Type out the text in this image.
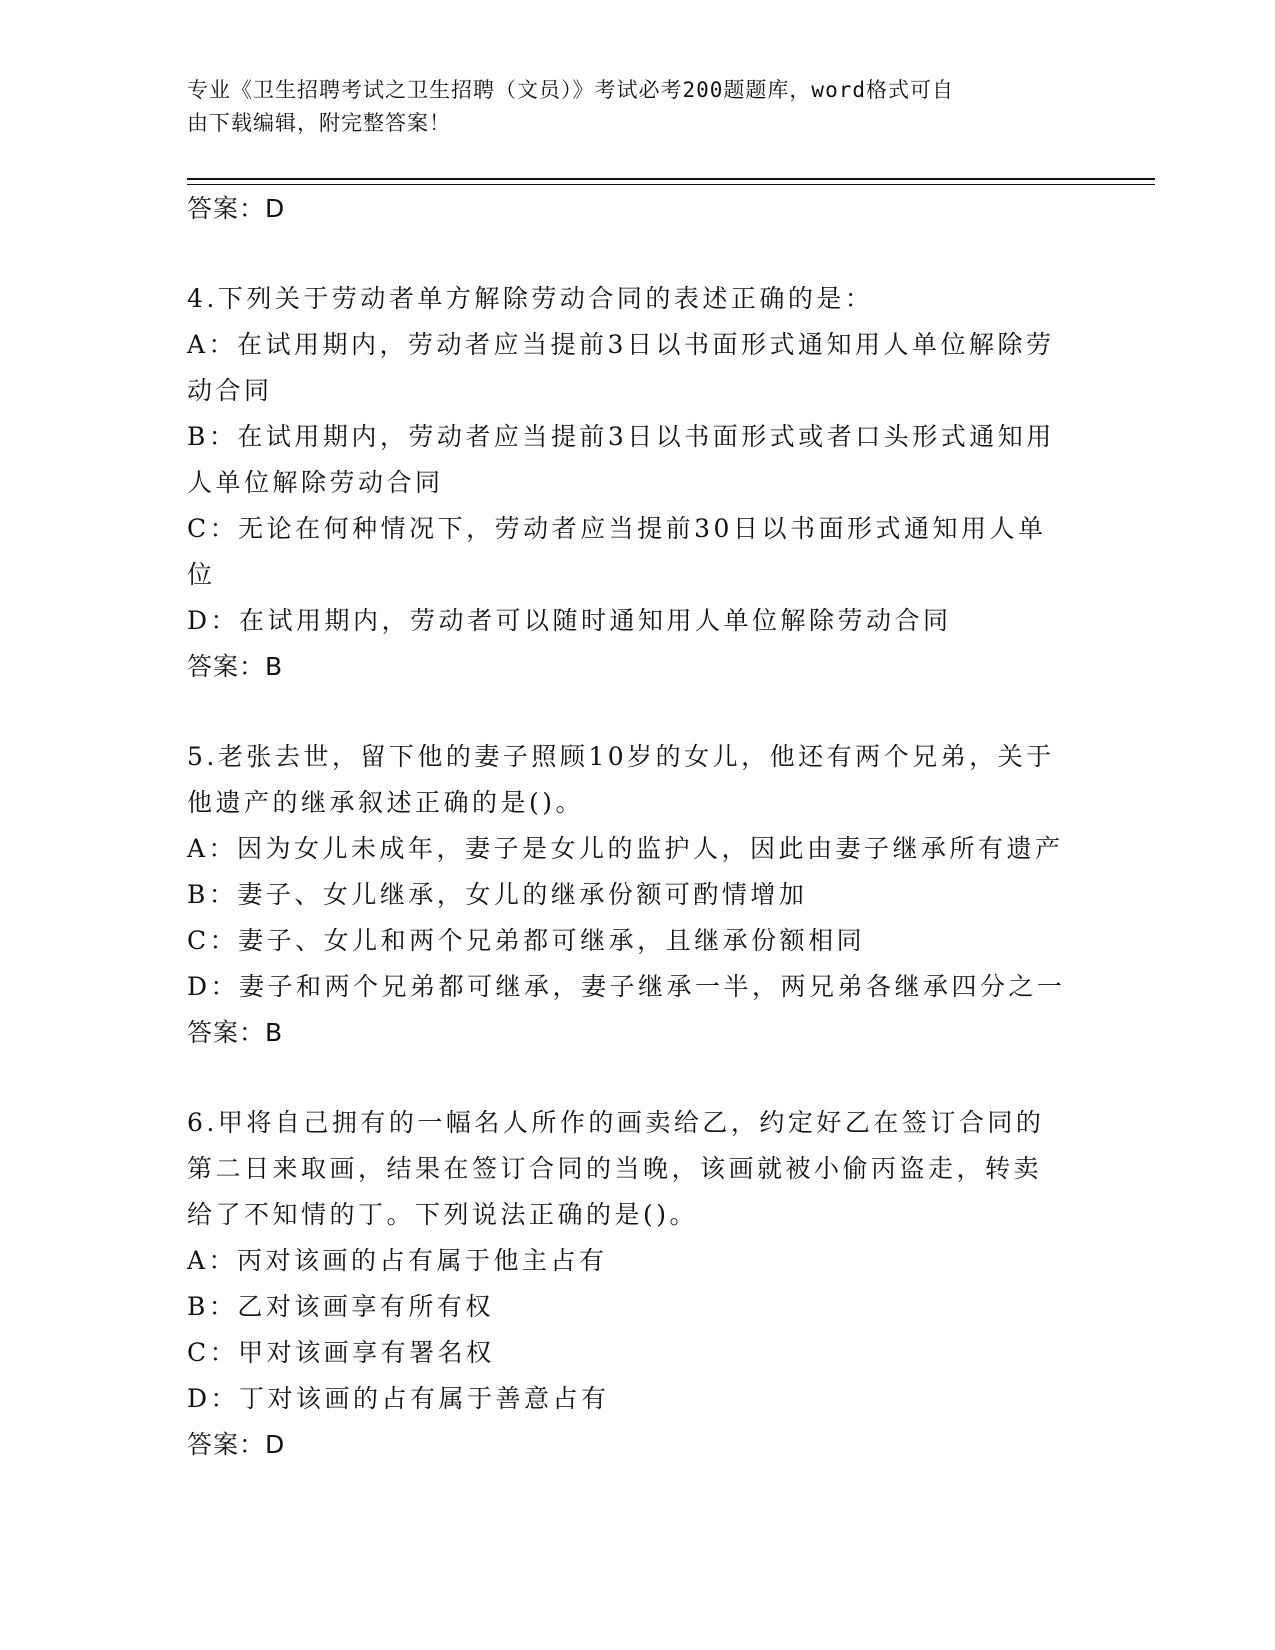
专业《卫生招聘考试之卫生招聘（文员）》考试必考200题题库，word格式可自
由下载编辑，附完整答案！
答案：D
4.下列关于劳动者单方解除劳动合同的表述正确的是：
A：在试用期内，劳动者应当提前3日以书面形式通知用人单位解除劳
动合同
B：在试用期内，劳动者应当提前3日以书面形式或者口头形式通知用
人单位解除劳动合同
C：无论在何种情况下，劳动者应当提前30日以书面形式通知用人单
位
D：在试用期内，劳动者可以随时通知用人单位解除劳动合同
答案：B
5.老张去世，留下他的妻子照顾10岁的女儿，他还有两个兄弟，关于
他遗产的继承叙述正确的是()。
A：因为女儿未成年，妻子是女儿的监护人，因此由妻子继承所有遗产
B：妻子、女儿继承，女儿的继承份额可酌情增加
C：妻子、女儿和两个兄弟都可继承，且继承份额相同
D：妻子和两个兄弟都可继承，妻子继承一半，两兄弟各继承四分之一
答案：B
6.甲将自己拥有的一幅名人所作的画卖给乙，约定好乙在签订合同的
第二日来取画，结果在签订合同的当晚，该画就被小偷丙盗走，转卖
给了不知情的丁。下列说法正确的是()。
A：丙对该画的占有属于他主占有
B：乙对该画享有所有权
C：甲对该画享有署名权
D：丁对该画的占有属于善意占有
答案：D
